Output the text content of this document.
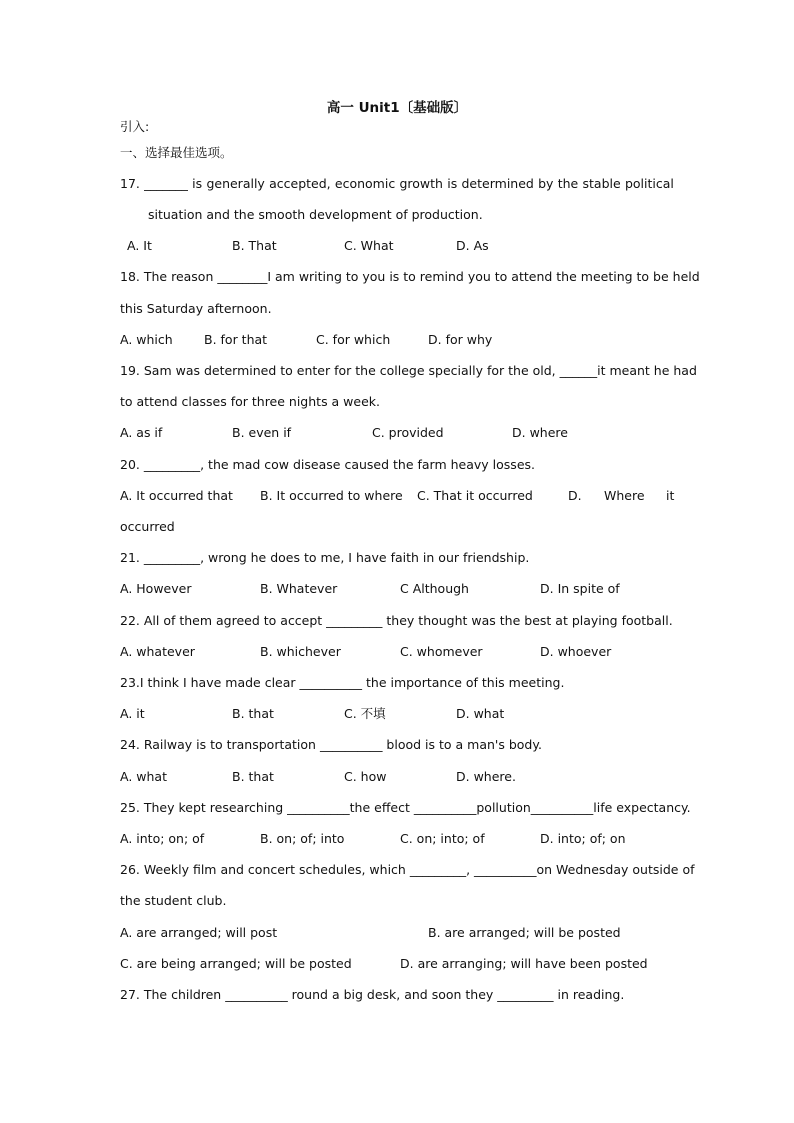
高一 Unit1〔基础版〕
引入:
一、选择最佳选项。
17. _______ is generally accepted, economic growth is determined by the stable political
situation and the smooth development of production.
A. It	B. That	C. What	D. As
18. The reason ________I am writing to you is to remind you to attend the meeting to be held
this Saturday afternoon.
A. which	B. for that	C. for which	D. for why
19. Sam was determined to enter for the college specially for the old, ______it meant he had
to attend classes for three nights a week.
A. as if	B. even if	C. provided	D. where
20. _________, the mad cow disease caused the farm heavy losses.
A. It occurred that B. It occurred to where C. That it occurred	D. Where it
occurred
21. _________, wrong he does to me, I have faith in our friendship.
A. However	B. Whatever	C Although	D. In spite of
22. All of them agreed to accept _________ they thought was the best at playing football.
A. whatever	B. whichever	C. whomever	D. whoever
23.I think I have made clear __________ the importance of this meeting.
A. it	B. that	C. 不填	D. what
24. Railway is to transportation __________ blood is to a man's body.
A. what	B. that	C. how	D. where.
25. They kept researching __________the effect __________pollution__________life expectancy.
A. into; on; of	B. on; of; into	C. on; into; of	D. into; of; on
26. Weekly film and concert schedules, which _________, __________on Wednesday outside of
the student club.
A. are arranged; will post	B. are arranged; will be posted
C. are being arranged; will be posted	D. are arranging; will have been posted
27. The children __________ round a big desk, and soon they _________ in reading.
